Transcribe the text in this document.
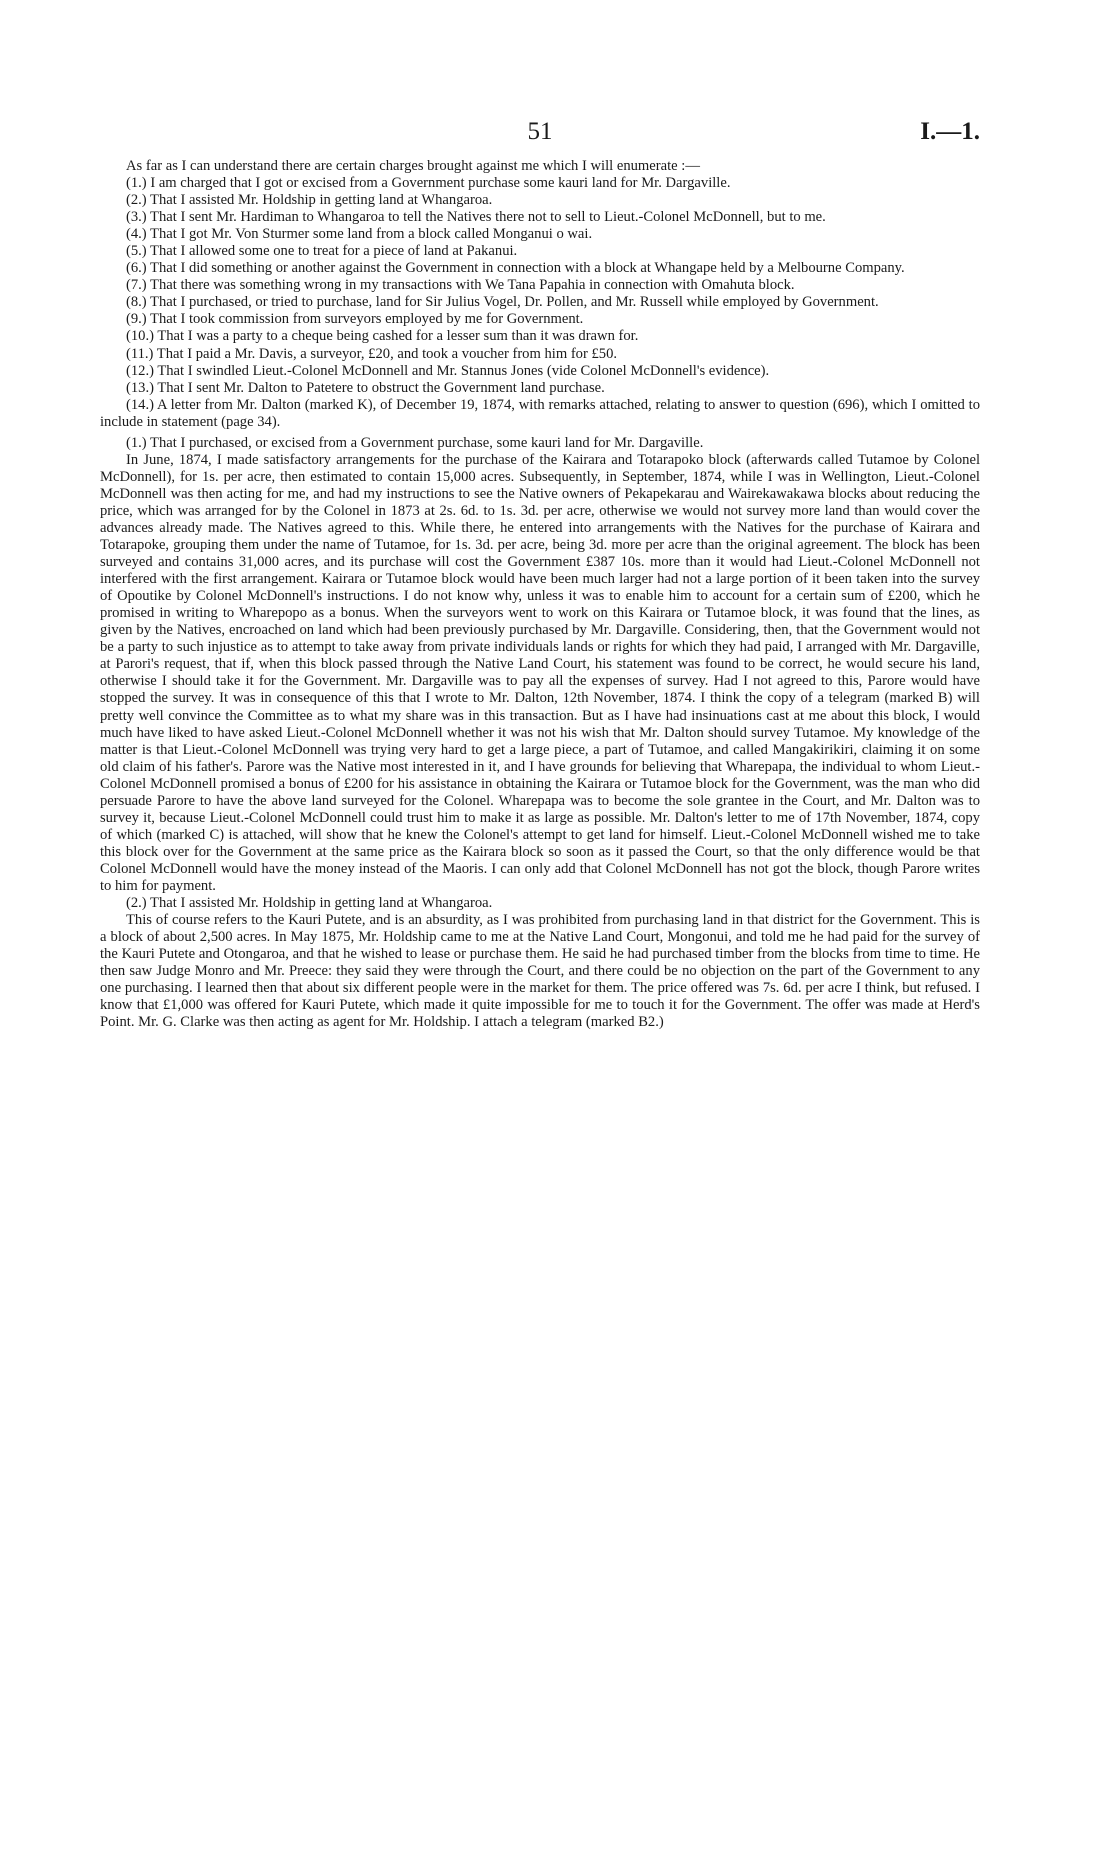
51	I.—1.

As far as I can understand there are certain charges brought against me which I will enumerate :—

(1.) I am charged that I got or excised from a Government purchase some kauri land for Mr. Dargaville.

(2.) That I assisted Mr. Holdship in getting land at Whangaroa.

(3.) That I sent Mr. Hardiman to Whangaroa to tell the Natives there not to sell to Lieut.-Colonel McDonnell, but to me.

(4.) That I got Mr. Von Sturmer some land from a block called Monganui o wai.

(5.) That I allowed some one to treat for a piece of land at Pakanui.

(6.) That I did something or another against the Government in connection with a block at Whangape held by a Melbourne Company.

(7.) That there was something wrong in my transactions with We Tana Papahia in connection with Omahuta block.

(8.) That I purchased, or tried to purchase, land for Sir Julius Vogel, Dr. Pollen, and Mr. Russell while employed by Government.

(9.) That I took commission from surveyors employed by me for Government.

(10.) That I was a party to a cheque being cashed for a lesser sum than it was drawn for.

(11.) That I paid a Mr. Davis, a surveyor, £20, and took a voucher from him for £50.

(12.) That I swindled Lieut.-Colonel McDonnell and Mr. Stannus Jones (vide Colonel McDonnell's evidence).

(13.) That I sent Mr. Dalton to Patetere to obstruct the Government land purchase.

(14.) A letter from Mr. Dalton (marked K), of December 19, 1874, with remarks attached, relating to answer to question (696), which I omitted to include in statement (page 34).

(1.) That I purchased, or excised from a Government purchase, some kauri land for Mr. Dargaville.

In June, 1874, I made satisfactory arrangements for the purchase of the Kairara and Totarapoko block (afterwards called Tutamoe by Colonel McDonnell), for 1s. per acre, then estimated to contain 15,000 acres. Subsequently, in September, 1874, while I was in Wellington, Lieut.-Colonel McDonnell was then acting for me, and had my instructions to see the Native owners of Pekapekarau and Wairekawakawa blocks about reducing the price, which was arranged for by the Colonel in 1873 at 2s. 6d. to 1s. 3d. per acre, otherwise we would not survey more land than would cover the advances already made. The Natives agreed to this. While there, he entered into arrangements with the Natives for the purchase of Kairara and Totarapoke, grouping them under the name of Tutamoe, for 1s. 3d. per acre, being 3d. more per acre than the original agreement. The block has been surveyed and contains 31,000 acres, and its purchase will cost the Government £387 10s. more than it would had Lieut.-Colonel McDonnell not interfered with the first arrangement. Kairara or Tutamoe block would have been much larger had not a large portion of it been taken into the survey of Opoutike by Colonel McDonnell's instructions. I do not know why, unless it was to enable him to account for a certain sum of £200, which he promised in writing to Wharepopo as a bonus. When the surveyors went to work on this Kairara or Tutamoe block, it was found that the lines, as given by the Natives, encroached on land which had been previously purchased by Mr. Dargaville. Considering, then, that the Government would not be a party to such injustice as to attempt to take away from private individuals lands or rights for which they had paid, I arranged with Mr. Dargaville, at Parori's request, that if, when this block passed through the Native Land Court, his statement was found to be correct, he would secure his land, otherwise I should take it for the Government. Mr. Dargaville was to pay all the expenses of survey. Had I not agreed to this, Parore would have stopped the survey. It was in consequence of this that I wrote to Mr. Dalton, 12th November, 1874. I think the copy of a telegram (marked B) will pretty well convince the Committee as to what my share was in this transaction. But as I have had insinuations cast at me about this block, I would much have liked to have asked Lieut.-Colonel McDonnell whether it was not his wish that Mr. Dalton should survey Tutamoe. My knowledge of the matter is that Lieut.-Colonel McDonnell was trying very hard to get a large piece, a part of Tutamoe, and called Mangakirikiri, claiming it on some old claim of his father's. Parore was the Native most interested in it, and I have grounds for believing that Wharepapa, the individual to whom Lieut.-Colonel McDonnell promised a bonus of £200 for his assistance in obtaining the Kairara or Tutamoe block for the Government, was the man who did persuade Parore to have the above land surveyed for the Colonel. Wharepapa was to become the sole grantee in the Court, and Mr. Dalton was to survey it, because Lieut.-Colonel McDonnell could trust him to make it as large as possible. Mr. Dalton's letter to me of 17th November, 1874, copy of which (marked C) is attached, will show that he knew the Colonel's attempt to get land for himself. Lieut.-Colonel McDonnell wished me to take this block over for the Government at the same price as the Kairara block so soon as it passed the Court, so that the only difference would be that Colonel McDonnell would have the money instead of the Maoris. I can only add that Colonel McDonnell has not got the block, though Parore writes to him for payment.

(2.) That I assisted Mr. Holdship in getting land at Whangaroa.

This of course refers to the Kauri Putete, and is an absurdity, as I was prohibited from purchasing land in that district for the Government. This is a block of about 2,500 acres. In May 1875, Mr. Holdship came to me at the Native Land Court, Mongonui, and told me he had paid for the survey of the Kauri Putete and Otongaroa, and that he wished to lease or purchase them. He said he had purchased timber from the blocks from time to time. He then saw Judge Monro and Mr. Preece: they said they were through the Court, and there could be no objection on the part of the Government to any one purchasing. I learned then that about six different people were in the market for them. The price offered was 7s. 6d. per acre I think, but refused. I know that £1,000 was offered for Kauri Putete, which made it quite impossible for me to touch it for the Government. The offer was made at Herd's Point. Mr. G. Clarke was then acting as agent for Mr. Holdship. I attach a telegram (marked B2.)
